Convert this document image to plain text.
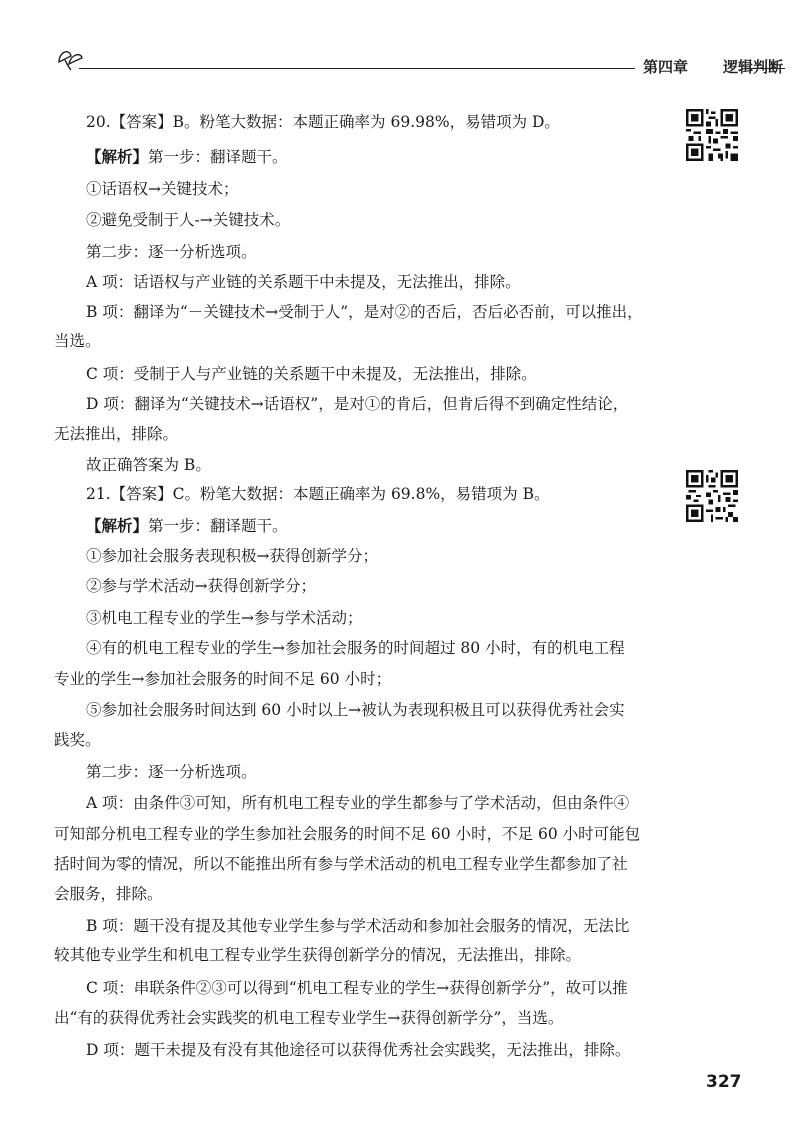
第四章 逻辑判断
20.【答案】B。粉笔大数据：本题正确率为 69.98%，易错项为 D。
【解析】第一步：翻译题干。
①话语权→关键技术；
②避免受制于人-→关键技术。
第二步：逐一分析选项。
A 项：话语权与产业链的关系题干中未提及，无法推出，排除。
B 项：翻译为“－关键技术→受制于人”，是对②的否后，否后必否前，可以推出，
当选。
C 项：受制于人与产业链的关系题干中未提及，无法推出，排除。
D 项：翻译为“关键技术→话语权”，是对①的肯后，但肯后得不到确定性结论，
无法推出，排除。
故正确答案为 B。
21.【答案】C。粉笔大数据：本题正确率为 69.8%，易错项为 B。
【解析】第一步：翻译题干。
①参加社会服务表现积极→获得创新学分；
②参与学术活动→获得创新学分；
③机电工程专业的学生→参与学术活动；
④有的机电工程专业的学生→参加社会服务的时间超过 80 小时，有的机电工程
专业的学生→参加社会服务的时间不足 60 小时；
⑤参加社会服务时间达到 60 小时以上→被认为表现积极且可以获得优秀社会实
践奖。
第二步：逐一分析选项。
A 项：由条件③可知，所有机电工程专业的学生都参与了学术活动，但由条件④
可知部分机电工程专业的学生参加社会服务的时间不足 60 小时，不足 60 小时可能包
括时间为零的情况，所以不能推出所有参与学术活动的机电工程专业学生都参加了社
会服务，排除。
B 项：题干没有提及其他专业学生参与学术活动和参加社会服务的情况，无法比
较其他专业学生和机电工程专业学生获得创新学分的情况，无法推出，排除。
C 项：串联条件②③可以得到“机电工程专业的学生→获得创新学分”，故可以推
出“有的获得优秀社会实践奖的机电工程专业学生→获得创新学分”，当选。
D 项：题干未提及有没有其他途径可以获得优秀社会实践奖，无法推出，排除。
327
